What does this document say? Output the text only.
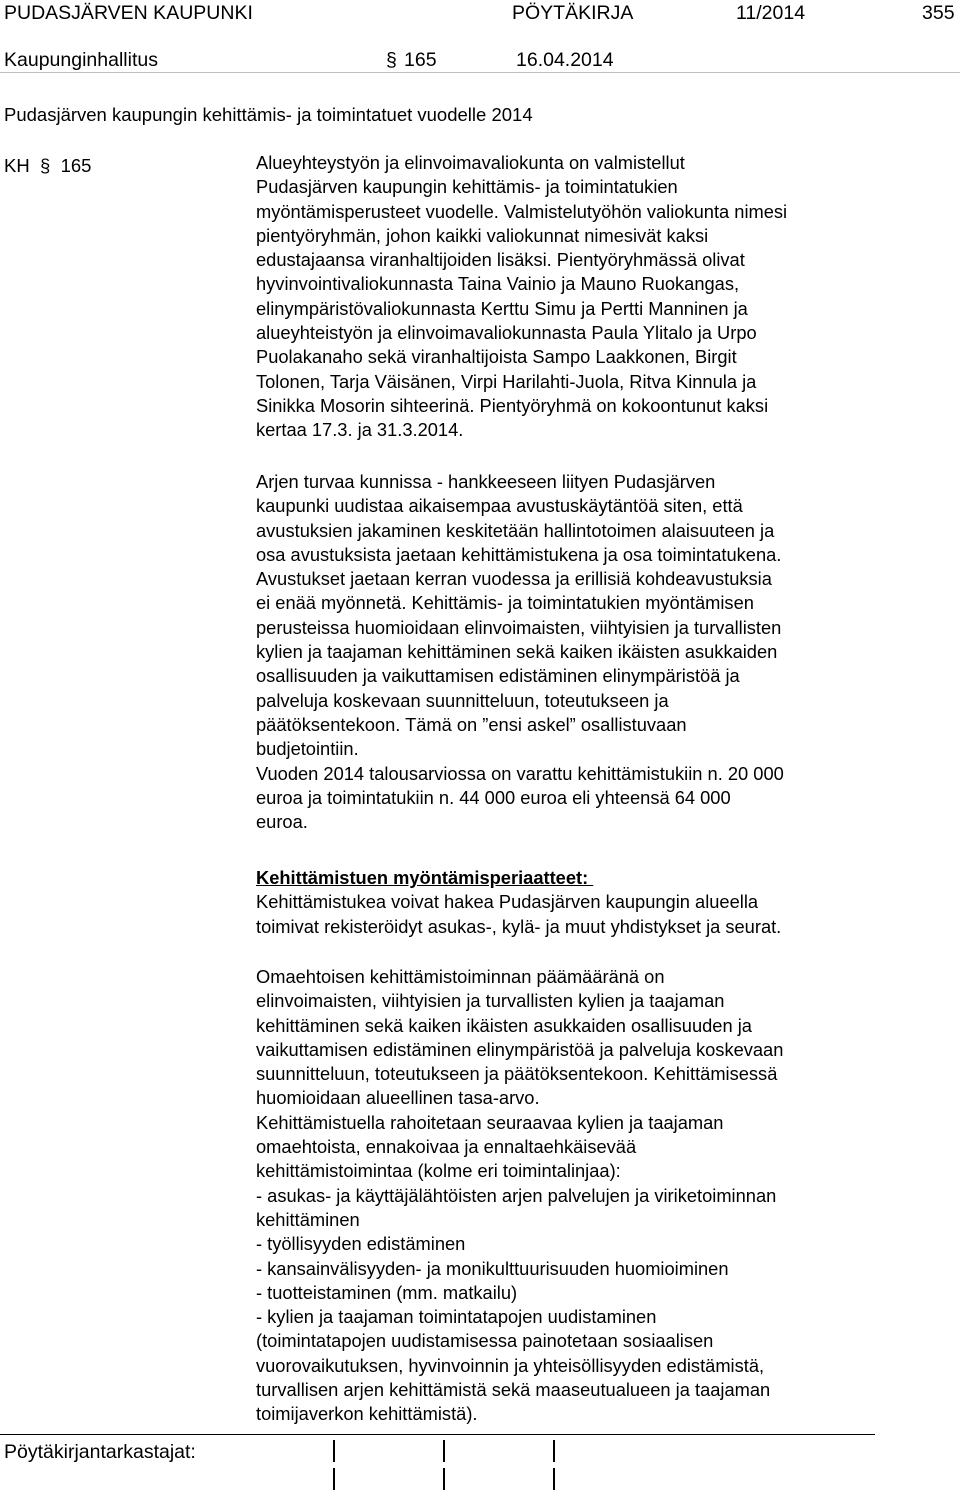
PUDASJÄRVEN KAUPUNKI	PÖYTÄKIRJA	11/2014	355
Kaupunginhallitus	§ 165	16.04.2014
Pudasjärven kaupungin kehittämis- ja toimintatuet vuodelle 2014
KH  §  165	Alueyhteystyön ja elinvoimavaliokunta on valmistellut
Pudasjärven kaupungin kehittämis- ja toimintatukien
myöntämisperusteet vuodelle. Valmistelutyöhön valiokunta nimesi
pientyöryhmän, johon kaikki valiokunnat nimesivät kaksi
edustajaansa viranhaltijoiden lisäksi. Pientyöryhmässä olivat
hyvinvointivaliokunnasta Taina Vainio ja Mauno Ruokangas,
elinympäristövaliokunnasta Kerttu Simu ja Pertti Manninen ja
alueyhteistyön ja elinvoimavaliokunnasta Paula Ylitalo ja Urpo
Puolakanaho sekä viranhaltijoista Sampo Laakkonen, Birgit
Tolonen, Tarja Väisänen, Virpi Harilahti-Juola, Ritva Kinnula ja
Sinikka Mosorin sihteerinä. Pientyöryhmä on kokoontunut kaksi
kertaa 17.3. ja 31.3.2014.
Arjen turvaa kunnissa - hankkeeseen liityen Pudasjärven
kaupunki uudistaa aikaisempaa avustuskäytäntöä siten, että
avustuksien jakaminen keskitetään hallintotoimen alaisuuteen ja
osa avustuksista jaetaan kehittämistukena ja osa toimintatukena.
Avustukset jaetaan kerran vuodessa ja erillisiä kohdeavustuksia
ei enää myönnetä. Kehittämis- ja toimintatukien myöntämisen
perusteissa huomioidaan elinvoimaisten, viihtyisien ja turvallisten
kylien ja taajaman kehittäminen sekä kaiken ikäisten asukkaiden
osallisuuden ja vaikuttamisen edistäminen elinympäristöä ja
palveluja koskevaan suunnitteluun, toteutukseen ja
päätöksentekoon. Tämä on ”ensi askel” osallistuvaan
budjetointiin.
Vuoden 2014 talousarviossa on varattu kehittämistukiin n. 20 000
euroa ja toimintatukiin n. 44 000 euroa eli yhteensä 64 000
euroa.
Kehittämistuen myöntämisperiaatteet:
Kehittämistukea voivat hakea Pudasjärven kaupungin alueella
toimivat rekisteröidyt asukas-, kylä- ja muut yhdistykset ja seurat.
Omaehtoisen kehittämistoiminnan päämääränä on
elinvoimaisten, viihtyisien ja turvallisten kylien ja taajaman
kehittäminen sekä kaiken ikäisten asukkaiden osallisuuden ja
vaikuttamisen edistäminen elinympäristöä ja palveluja koskevaan
suunnitteluun, toteutukseen ja päätöksentekoon. Kehittämisessä
huomioidaan alueellinen tasa-arvo.
Kehittämistuella rahoitetaan seuraavaa kylien ja taajaman
omaehtoista, ennakoivaa ja ennaltaehkäisevää
kehittämistoimintaa (kolme eri toimintalinjaa):
- asukas- ja käyttäjälähtöisten arjen palvelujen ja viriketoiminnan
kehittäminen
- työllisyyden edistäminen
- kansainvälisyyden- ja monikulttuurisuuden huomioiminen
- tuotteistaminen (mm. matkailu)
- kylien ja taajaman toimintatapojen uudistaminen
(toimintatapojen uudistamisessa painotetaan sosiaalisen
vuorovaikutuksen, hyvinvoinnin ja yhteisöllisyyden edistämistä,
turvallisen arjen kehittämistä sekä maaseutualueen ja taajaman
toimijaverkon kehittämistä).
Pöytäkirjantarkastajat:
